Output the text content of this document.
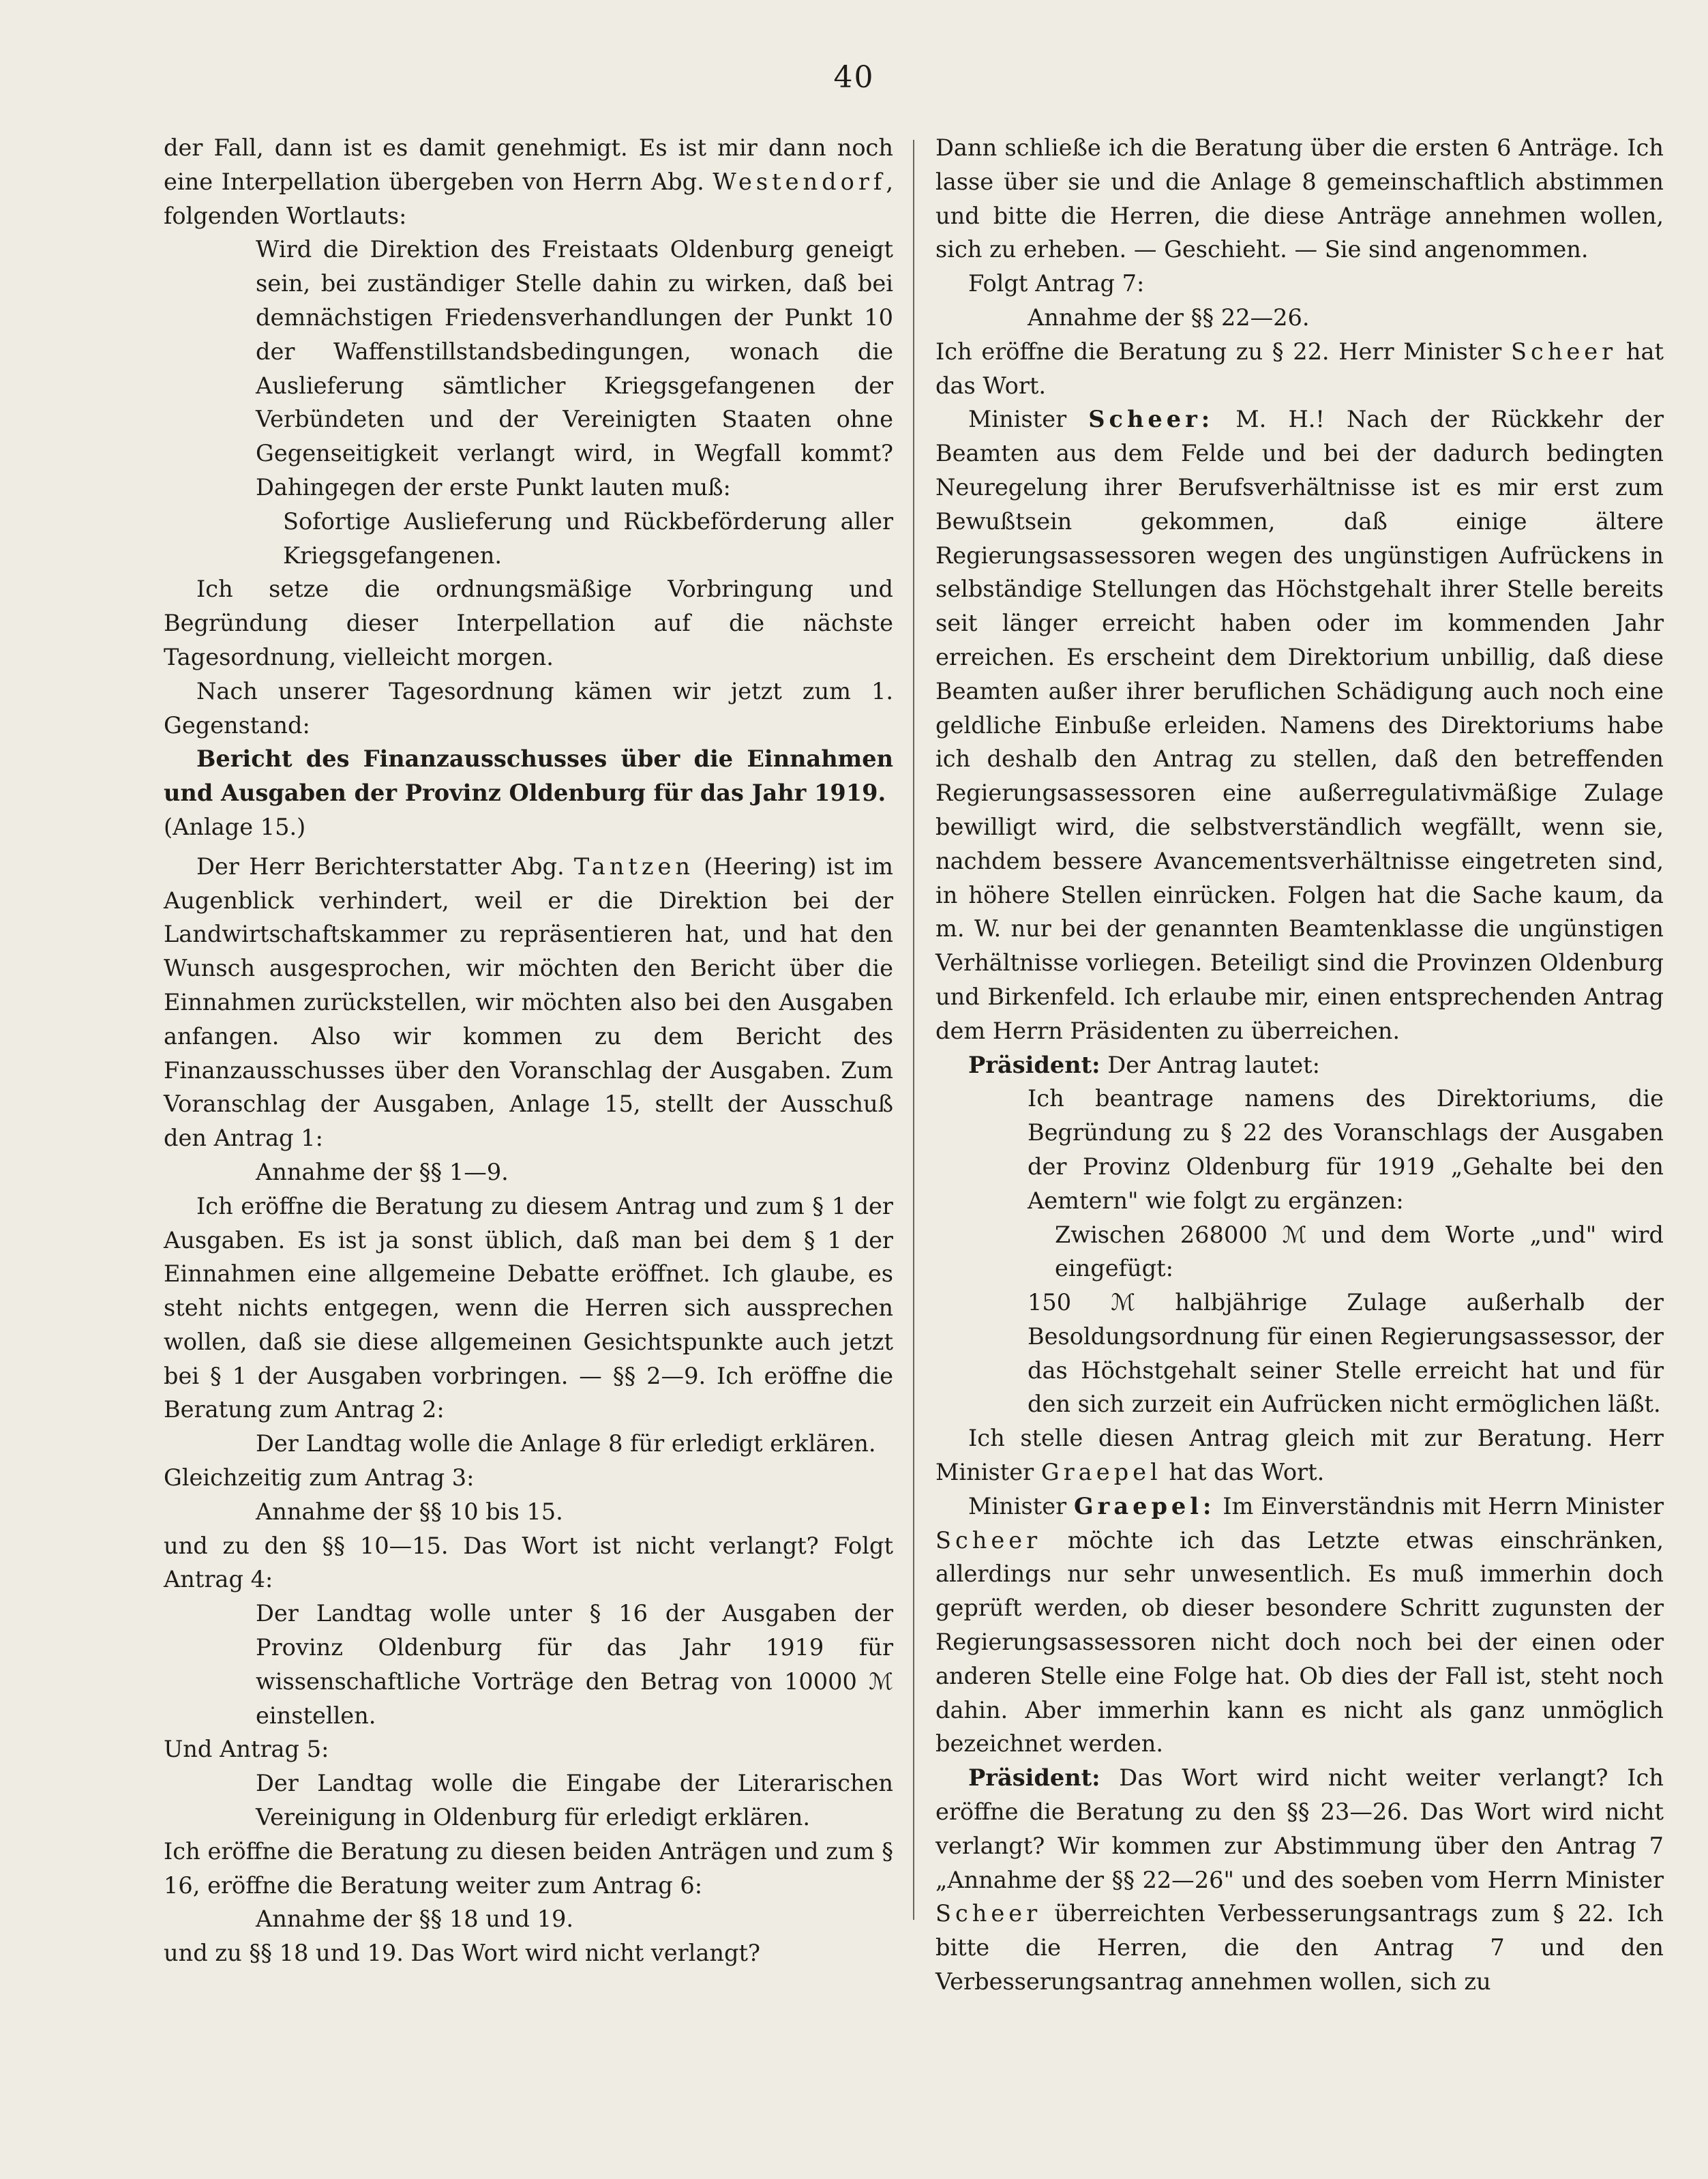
40

der Fall, dann ist es damit genehmigt. Es ist mir dann noch eine Interpellation übergeben von Herrn Abg. Westendorf, folgenden Wortlauts:

Wird die Direktion des Freistaats Oldenburg geneigt sein, bei zuständiger Stelle dahin zu wirken, daß bei demnächstigen Friedensverhandlungen der Punkt 10 der Waffenstillstandsbedingungen, wonach die Auslieferung sämtlicher Kriegsgefangenen der Verbündeten und der Vereinigten Staaten ohne Gegenseitigkeit verlangt wird, in Wegfall kommt? Dahingegen der erste Punkt lauten muß:

Sofortige Auslieferung und Rückbeförderung aller Kriegsgefangenen.

Ich setze die ordnungsmäßige Vorbringung und Begründung dieser Interpellation auf die nächste Tagesordnung, vielleicht morgen.

Nach unserer Tagesordnung kämen wir jetzt zum 1. Gegenstand:

Bericht des Finanzausschusses über die Einnahmen und Ausgaben der Provinz Oldenburg für das Jahr 1919.

(Anlage 15.)

Der Herr Berichterstatter Abg. Tantzen (Heering) ist im Augenblick verhindert, weil er die Direktion bei der Landwirtschaftskammer zu repräsentieren hat, und hat den Wunsch ausgesprochen, wir möchten den Bericht über die Einnahmen zurückstellen, wir möchten also bei den Ausgaben anfangen. Also wir kommen zu dem Bericht des Finanzausschusses über den Voranschlag der Ausgaben. Zum Voranschlag der Ausgaben, Anlage 15, stellt der Ausschuß den Antrag 1:

Annahme der §§ 1—9.

Ich eröffne die Beratung zu diesem Antrag und zum § 1 der Ausgaben. Es ist ja sonst üblich, daß man bei dem § 1 der Einnahmen eine allgemeine Debatte eröffnet. Ich glaube, es steht nichts entgegen, wenn die Herren sich aussprechen wollen, daß sie diese allgemeinen Gesichtspunkte auch jetzt bei § 1 der Ausgaben vorbringen. — §§ 2—9. Ich eröffne die Beratung zum Antrag 2:

Der Landtag wolle die Anlage 8 für erledigt erklären.

Gleichzeitig zum Antrag 3:

Annahme der §§ 10 bis 15.

und zu den §§ 10—15. Das Wort ist nicht verlangt? Folgt Antrag 4:

Der Landtag wolle unter § 16 der Ausgaben der Provinz Oldenburg für das Jahr 1919 für wissenschaftliche Vorträge den Betrag von 10000 ℳ einstellen.

Und Antrag 5:

Der Landtag wolle die Eingabe der Literarischen Vereinigung in Oldenburg für erledigt erklären.

Ich eröffne die Beratung zu diesen beiden Anträgen und zum § 16, eröffne die Beratung weiter zum Antrag 6:

Annahme der §§ 18 und 19.

und zu §§ 18 und 19. Das Wort wird nicht verlangt?

Dann schließe ich die Beratung über die ersten 6 Anträge. Ich lasse über sie und die Anlage 8 gemeinschaftlich abstimmen und bitte die Herren, die diese Anträge annehmen wollen, sich zu erheben. — Geschieht. — Sie sind angenommen.

Folgt Antrag 7:

Annahme der §§ 22—26.

Ich eröffne die Beratung zu § 22. Herr Minister Scheer hat das Wort.

Minister Scheer: M. H.! Nach der Rückkehr der Beamten aus dem Felde und bei der dadurch bedingten Neuregelung ihrer Berufsverhältnisse ist es mir erst zum Bewußtsein gekommen, daß einige ältere Regierungsassessoren wegen des ungünstigen Aufrückens in selbständige Stellungen das Höchstgehalt ihrer Stelle bereits seit länger erreicht haben oder im kommenden Jahr erreichen. Es erscheint dem Direktorium unbillig, daß diese Beamten außer ihrer beruflichen Schädigung auch noch eine geldliche Einbuße erleiden. Namens des Direktoriums habe ich deshalb den Antrag zu stellen, daß den betreffenden Regierungsassessoren eine außerregulativmäßige Zulage bewilligt wird, die selbstverständlich wegfällt, wenn sie, nachdem bessere Avancementsverhältnisse eingetreten sind, in höhere Stellen einrücken. Folgen hat die Sache kaum, da m. W. nur bei der genannten Beamtenklasse die ungünstigen Verhältnisse vorliegen. Beteiligt sind die Provinzen Oldenburg und Birkenfeld. Ich erlaube mir, einen entsprechenden Antrag dem Herrn Präsidenten zu überreichen.

Präsident: Der Antrag lautet:

Ich beantrage namens des Direktoriums, die Begründung zu § 22 des Voranschlags der Ausgaben der Provinz Oldenburg für 1919 „Gehalte bei den Aemtern" wie folgt zu ergänzen:

Zwischen 268000 ℳ und dem Worte „und" wird eingefügt:

150 ℳ halbjährige Zulage außerhalb der Besoldungsordnung für einen Regierungsassessor, der das Höchstgehalt seiner Stelle erreicht hat und für den sich zurzeit ein Aufrücken nicht ermöglichen läßt.

Ich stelle diesen Antrag gleich mit zur Beratung. Herr Minister Graepel hat das Wort.

Minister Graepel: Im Einverständnis mit Herrn Minister Scheer möchte ich das Letzte etwas einschränken, allerdings nur sehr unwesentlich. Es muß immerhin doch geprüft werden, ob dieser besondere Schritt zugunsten der Regierungsassessoren nicht doch noch bei der einen oder anderen Stelle eine Folge hat. Ob dies der Fall ist, steht noch dahin. Aber immerhin kann es nicht als ganz unmöglich bezeichnet werden.

Präsident: Das Wort wird nicht weiter verlangt? Ich eröffne die Beratung zu den §§ 23—26. Das Wort wird nicht verlangt? Wir kommen zur Abstimmung über den Antrag 7 „Annahme der §§ 22—26" und des soeben vom Herrn Minister Scheer überreichten Verbesserungsantrags zum § 22. Ich bitte die Herren, die den Antrag 7 und den Verbesserungsantrag annehmen wollen, sich zu
